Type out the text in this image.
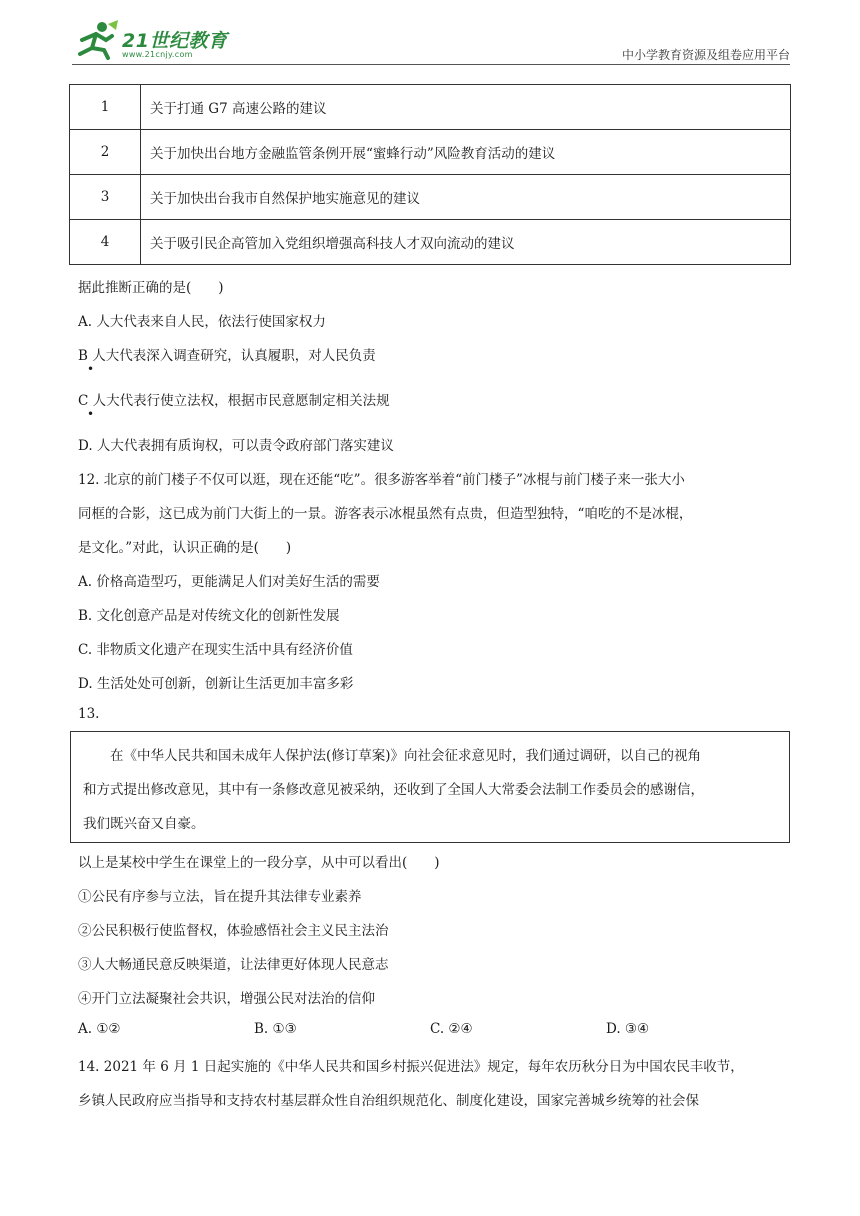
21世纪教育
www.21cnjy.com	中小学教育资源及组卷应用平台
1	关于打通 G7 高速公路的建议
2	关于加快出台地方金融监管条例开展“蜜蜂行动”风险教育活动的建议
3	关于加快出台我市自然保护地实施意见的建议
4	关于吸引民企高管加入党组织增强高科技人才双向流动的建议
据此推断正确的是(　　)
A. 人大代表来自人民，依法行使国家权力
B 人大代表深入调查研究，认真履职，对人民负责
•
C 人大代表行使立法权，根据市民意愿制定相关法规
•
D. 人大代表拥有质询权，可以责令政府部门落实建议
12. 北京的前门楼子不仅可以逛，现在还能“吃”。很多游客举着“前门楼子”冰棍与前门楼子来一张大小
同框的合影，这已成为前门大街上的一景。游客表示冰棍虽然有点贵，但造型独特，“咱吃的不是冰棍，
是文化。”对此，认识正确的是(　　)
A. 价格高造型巧，更能满足人们对美好生活的需要
B. 文化创意产品是对传统文化的创新性发展
C. 非物质文化遗产在现实生活中具有经济价值
D. 生活处处可创新，创新让生活更加丰富多彩
13.
　　在《中华人民共和国未成年人保护法(修订草案)》向社会征求意见时，我们通过调研，以自己的视角
和方式提出修改意见，其中有一条修改意见被采纳，还收到了全国人大常委会法制工作委员会的感谢信，
我们既兴奋又自豪。
以上是某校中学生在课堂上的一段分享，从中可以看出(　　)
①公民有序参与立法，旨在提升其法律专业素养
②公民积极行使监督权，体验感悟社会主义民主法治
③人大畅通民意反映渠道，让法律更好体现人民意志
④开门立法凝聚社会共识，增强公民对法治的信仰
A. ①②	B. ①③	C. ②④	D. ③④
14. 2021 年 6 月 1 日起实施的《中华人民共和国乡村振兴促进法》规定，每年农历秋分日为中国农民丰收节，
乡镇人民政府应当指导和支持农村基层群众性自治组织规范化、制度化建设，国家完善城乡统筹的社会保
